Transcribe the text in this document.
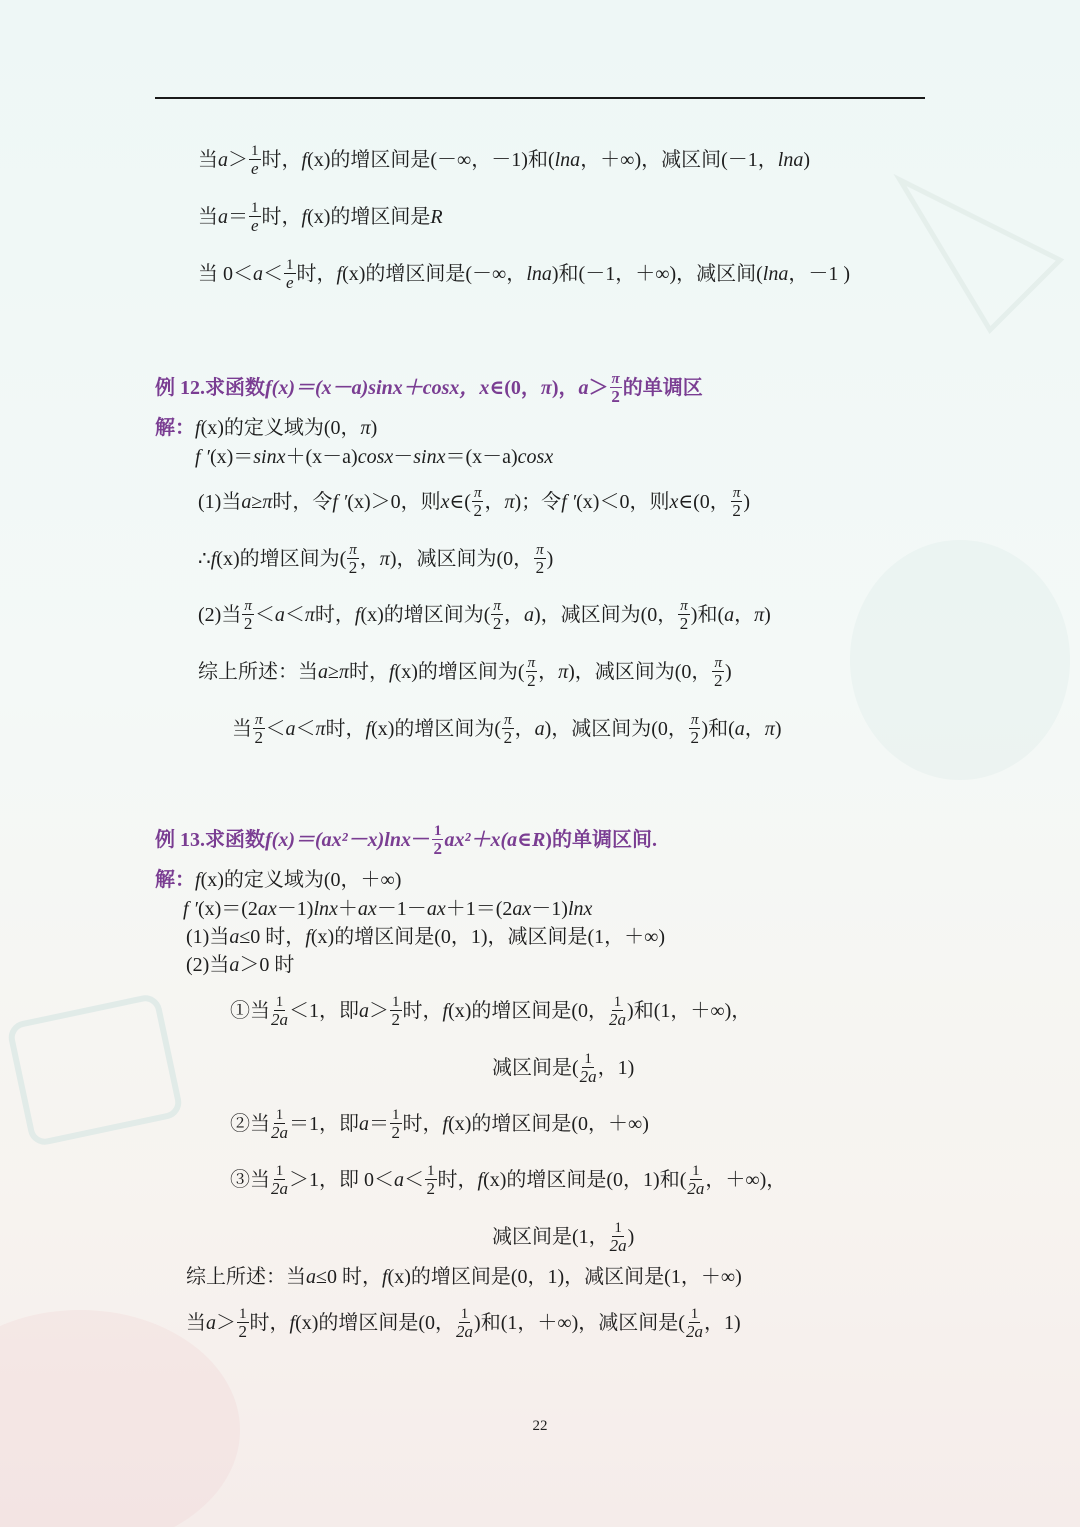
当 $a > \frac{1}{e}$ 时， f (x)的增区间是(－∞，－1)和( lna ，＋∞)，减区间(－1， lna )
当 $a = \frac{1}{e}$ 时， f (x)的增区间是 R
当 $0< a < \frac{1}{e}$ 时， f (x)的增区间是(－∞， lna )和(－1，＋∞)，减区间( lna ，－1 )
例 12.求函数 f(x)＝(x－a)sinx＋cosx，x ∈(0， π )， $a > \frac{\pi}{2}$ 的单调区
解： f (x)的定义域为(0， π )
f ′ (x)＝ sinx ＋(x－a) cosx － sinx ＝(x－a) cosx
(1)当 a ≥ π 时，令 f ′ (x)＞0，则 x ∈( $\frac{\pi}{2}$ ， π )；令 f ′ (x)＜0，则 x ∈(0， $\frac{\pi}{2}$ )
∴ f (x)的增区间为( $\frac{\pi}{2}$ ， π )，减区间为(0， $\frac{\pi}{2}$ )
(2)当 $\frac{\pi}{2} < a < \pi$ 时， f (x)的增区间为( $\frac{\pi}{2}$ ， a )，减区间为(0， $\frac{\pi}{2}$ )和( a ， π )
综上所述：当 a ≥ π 时， f (x)的增区间为( $\frac{\pi}{2}$ ， π )，减区间为(0， $\frac{\pi}{2}$ )
当 $\frac{\pi}{2} < a < \pi$ 时， f (x)的增区间为( $\frac{\pi}{2}$ ， a )，减区间为(0， $\frac{\pi}{2}$ )和( a ， π )
例 13.求函数 $f(x)=(ax^2-x)\ln x - \frac{1}{2} ax^2+x(a$ ∈ R )的单调区间.
解： f (x)的定义域为(0，＋∞)
f ′ (x)＝(2 ax －1) lnx ＋ ax －1－ ax ＋1＝(2 ax －1) lnx
(1)当 a ≤0 时， f (x)的增区间是(0，1)，减区间是(1，＋∞)
(2)当 a ＞0 时
①当 $\frac{1}{2a} <1$，即 $a > \frac{1}{2}$ 时， f (x)的增区间是(0， $\frac{1}{2a}$ )和(1，＋∞)，
减区间是( $\frac{1}{2a}$ ，1)
②当 $\frac{1}{2a} =1$，即 $a = \frac{1}{2}$ 时， f (x)的增区间是(0，＋∞)
③当 $\frac{1}{2a} >1$，即 $0< a < \frac{1}{2}$ 时， f (x)的增区间是(0，1)和( $\frac{1}{2a}$ ，＋∞)，
减区间是(1， $\frac{1}{2a}$ )
综上所述：当 a ≤0 时， f (x)的增区间是(0，1)，减区间是(1，＋∞)
当 $a > \frac{1}{2}$ 时， f (x)的增区间是(0， $\frac{1}{2a}$ )和(1，＋∞)，减区间是( $\frac{1}{2a}$ ，1)
22
